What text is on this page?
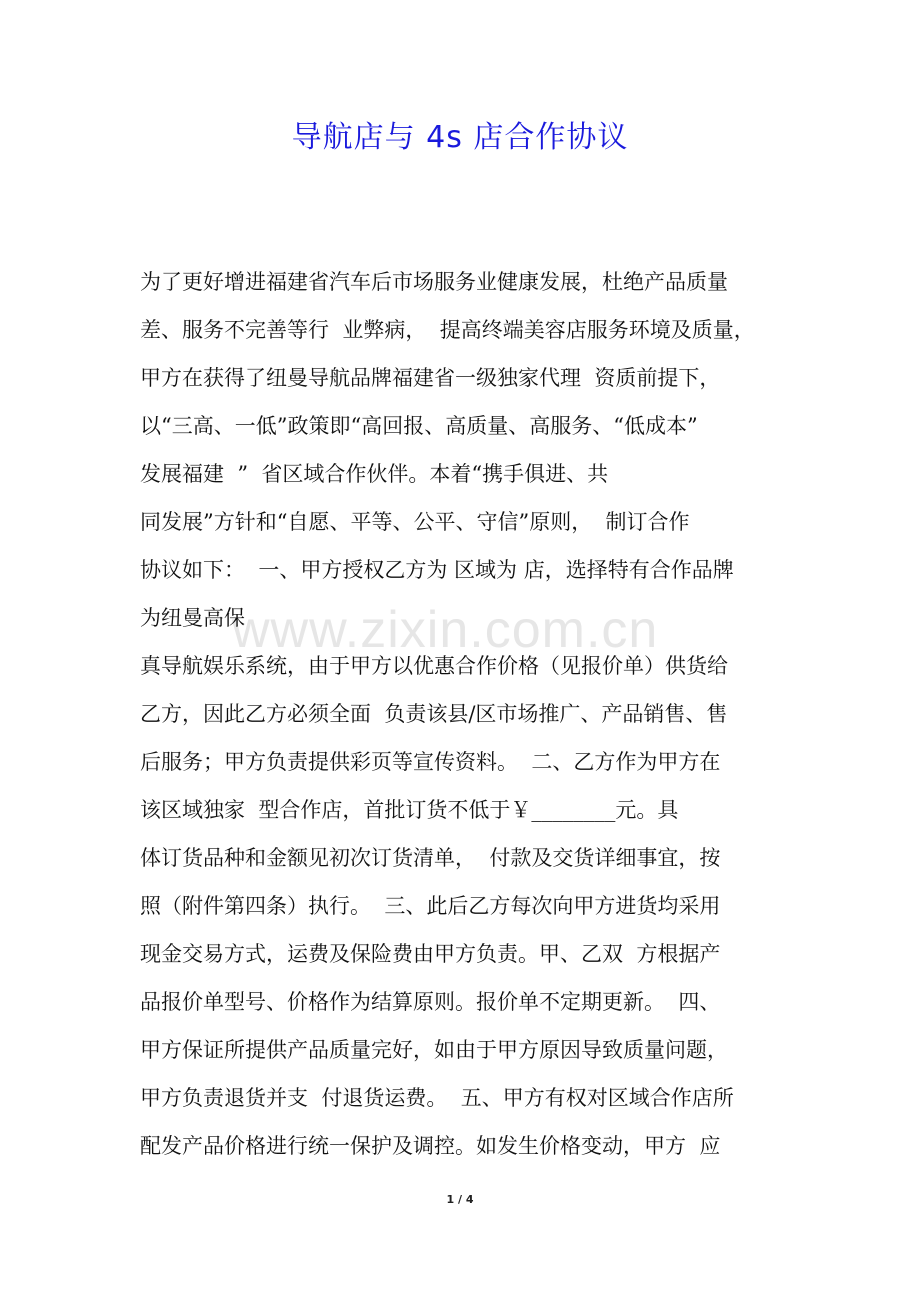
导航店与 4s 店合作协议
www.zixin.com.cn
为了更好增进福建省汽车后市场服务业健康发展，杜绝产品质量
差、服务不完善等行  业弊病，  提高终端美容店服务环境及质量，
甲方在获得了纽曼导航品牌福建省一级独家代理  资质前提下，
以“三高、一低”政策即“高回报、高质量、高服务、“低成本”
发展福建  ”  省区域合作伙伴。本着“携手俱进、共
同发展”方针和“自愿、平等、公平、守信”原则，  制订合作
协议如下：  一、甲方授权乙方为 区域为 店，选择特有合作品牌
为纽曼高保
真导航娱乐系统，由于甲方以优惠合作价格（见报价单）供货给
乙方，因此乙方必须全面  负责该县/区市场推广、产品销售、售
后服务；甲方负责提供彩页等宣传资料。  二、乙方作为甲方在
该区域独家  型合作店，首批订货不低于￥________元。具
体订货品种和金额见初次订货清单，  付款及交货详细事宜，按
照（附件第四条）执行。  三、此后乙方每次向甲方进货均采用
现金交易方式，运费及保险费由甲方负责。甲、乙双  方根据产
品报价单型号、价格作为结算原则。报价单不定期更新。  四、
甲方保证所提供产品质量完好，如由于甲方原因导致质量问题，
甲方负责退货并支  付退货运费。  五、甲方有权对区域合作店所
配发产品价格进行统一保护及调控。如发生价格变动，甲方  应
1 / 4
